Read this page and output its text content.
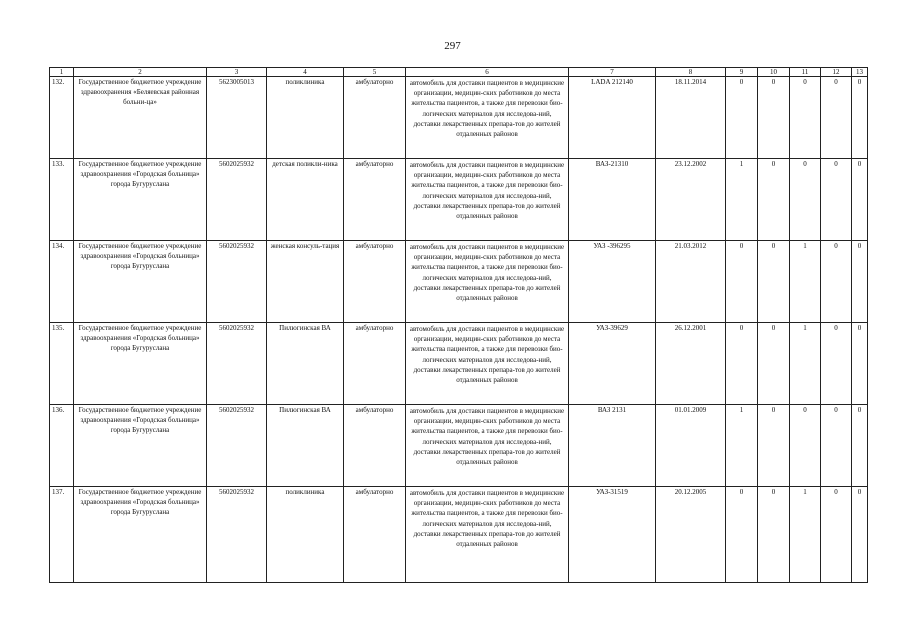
297
1	2	3	4	5	6	7	8	9	10	11	12	13
132.	Государственное бюджетное учреждение здравоохранения «Беляевская районная больни-ца»	5623005013	поликлиника	амбулаторно	автомобиль для доставки пациентов в медицинские организации, медицин-ских работников до места жительства пациентов, а также для перевозки био-логических материалов для исследова-ний, доставки лекарственных препара-тов до жителей отдаленных районов	LADA 212140	18.11.2014	0	0	0	0	0
133.	Государственное бюджетное учреждение здравоохранения «Городская больница» города Бугуруслана	5602025932	детская поликли-ника	амбулаторно	автомобиль для доставки пациентов в медицинские организации, медицин-ских работников до места жительства пациентов, а также для перевозки био-логических материалов для исследова-ний, доставки лекарственных препара-тов до жителей отдаленных районов	ВАЗ-21310	23.12.2002	1	0	0	0	0
134.	Государственное бюджетное учреждение здравоохранения «Городская больница» города Бугуруслана	5602025932	женская консуль-тация	амбулаторно	автомобиль для доставки пациентов в медицинские организации, медицин-ских работников до места жительства пациентов, а также для перевозки био-логических материалов для исследова-ний, доставки лекарственных препара-тов до жителей отдаленных районов	УАЗ -396295	21.03.2012	0	0	1	0	0
135.	Государственное бюджетное учреждение здравоохранения «Городская больница» города Бугуруслана	5602025932	Пилюгинская ВА	амбулаторно	автомобиль для доставки пациентов в медицинские организации, медицин-ских работников до места жительства пациентов, а также для перевозки био-логических материалов для исследова-ний, доставки лекарственных препара-тов до жителей отдаленных районов	УАЗ-39629	26.12.2001	0	0	1	0	0
136.	Государственное бюджетное учреждение здравоохранения «Городская больница» города Бугуруслана	5602025932	Пилюгинская ВА	амбулаторно	автомобиль для доставки пациентов в медицинские организации, медицин-ских работников до места жительства пациентов, а также для перевозки био-логических материалов для исследова-ний, доставки лекарственных препара-тов до жителей отдаленных районов	ВАЗ 2131	01.01.2009	1	0	0	0	0
137.	Государственное бюджетное учреждение здравоохранения «Городская больница» города Бугуруслана	5602025932	поликлиника	амбулаторно	автомобиль для доставки пациентов в медицинские организации, медицин-ских работников до места жительства пациентов, а также для перевозки био-логических материалов для исследова-ний, доставки лекарственных препара-тов до жителей отдаленных районов	УАЗ-31519	20.12.2005	0	0	1	0	0
